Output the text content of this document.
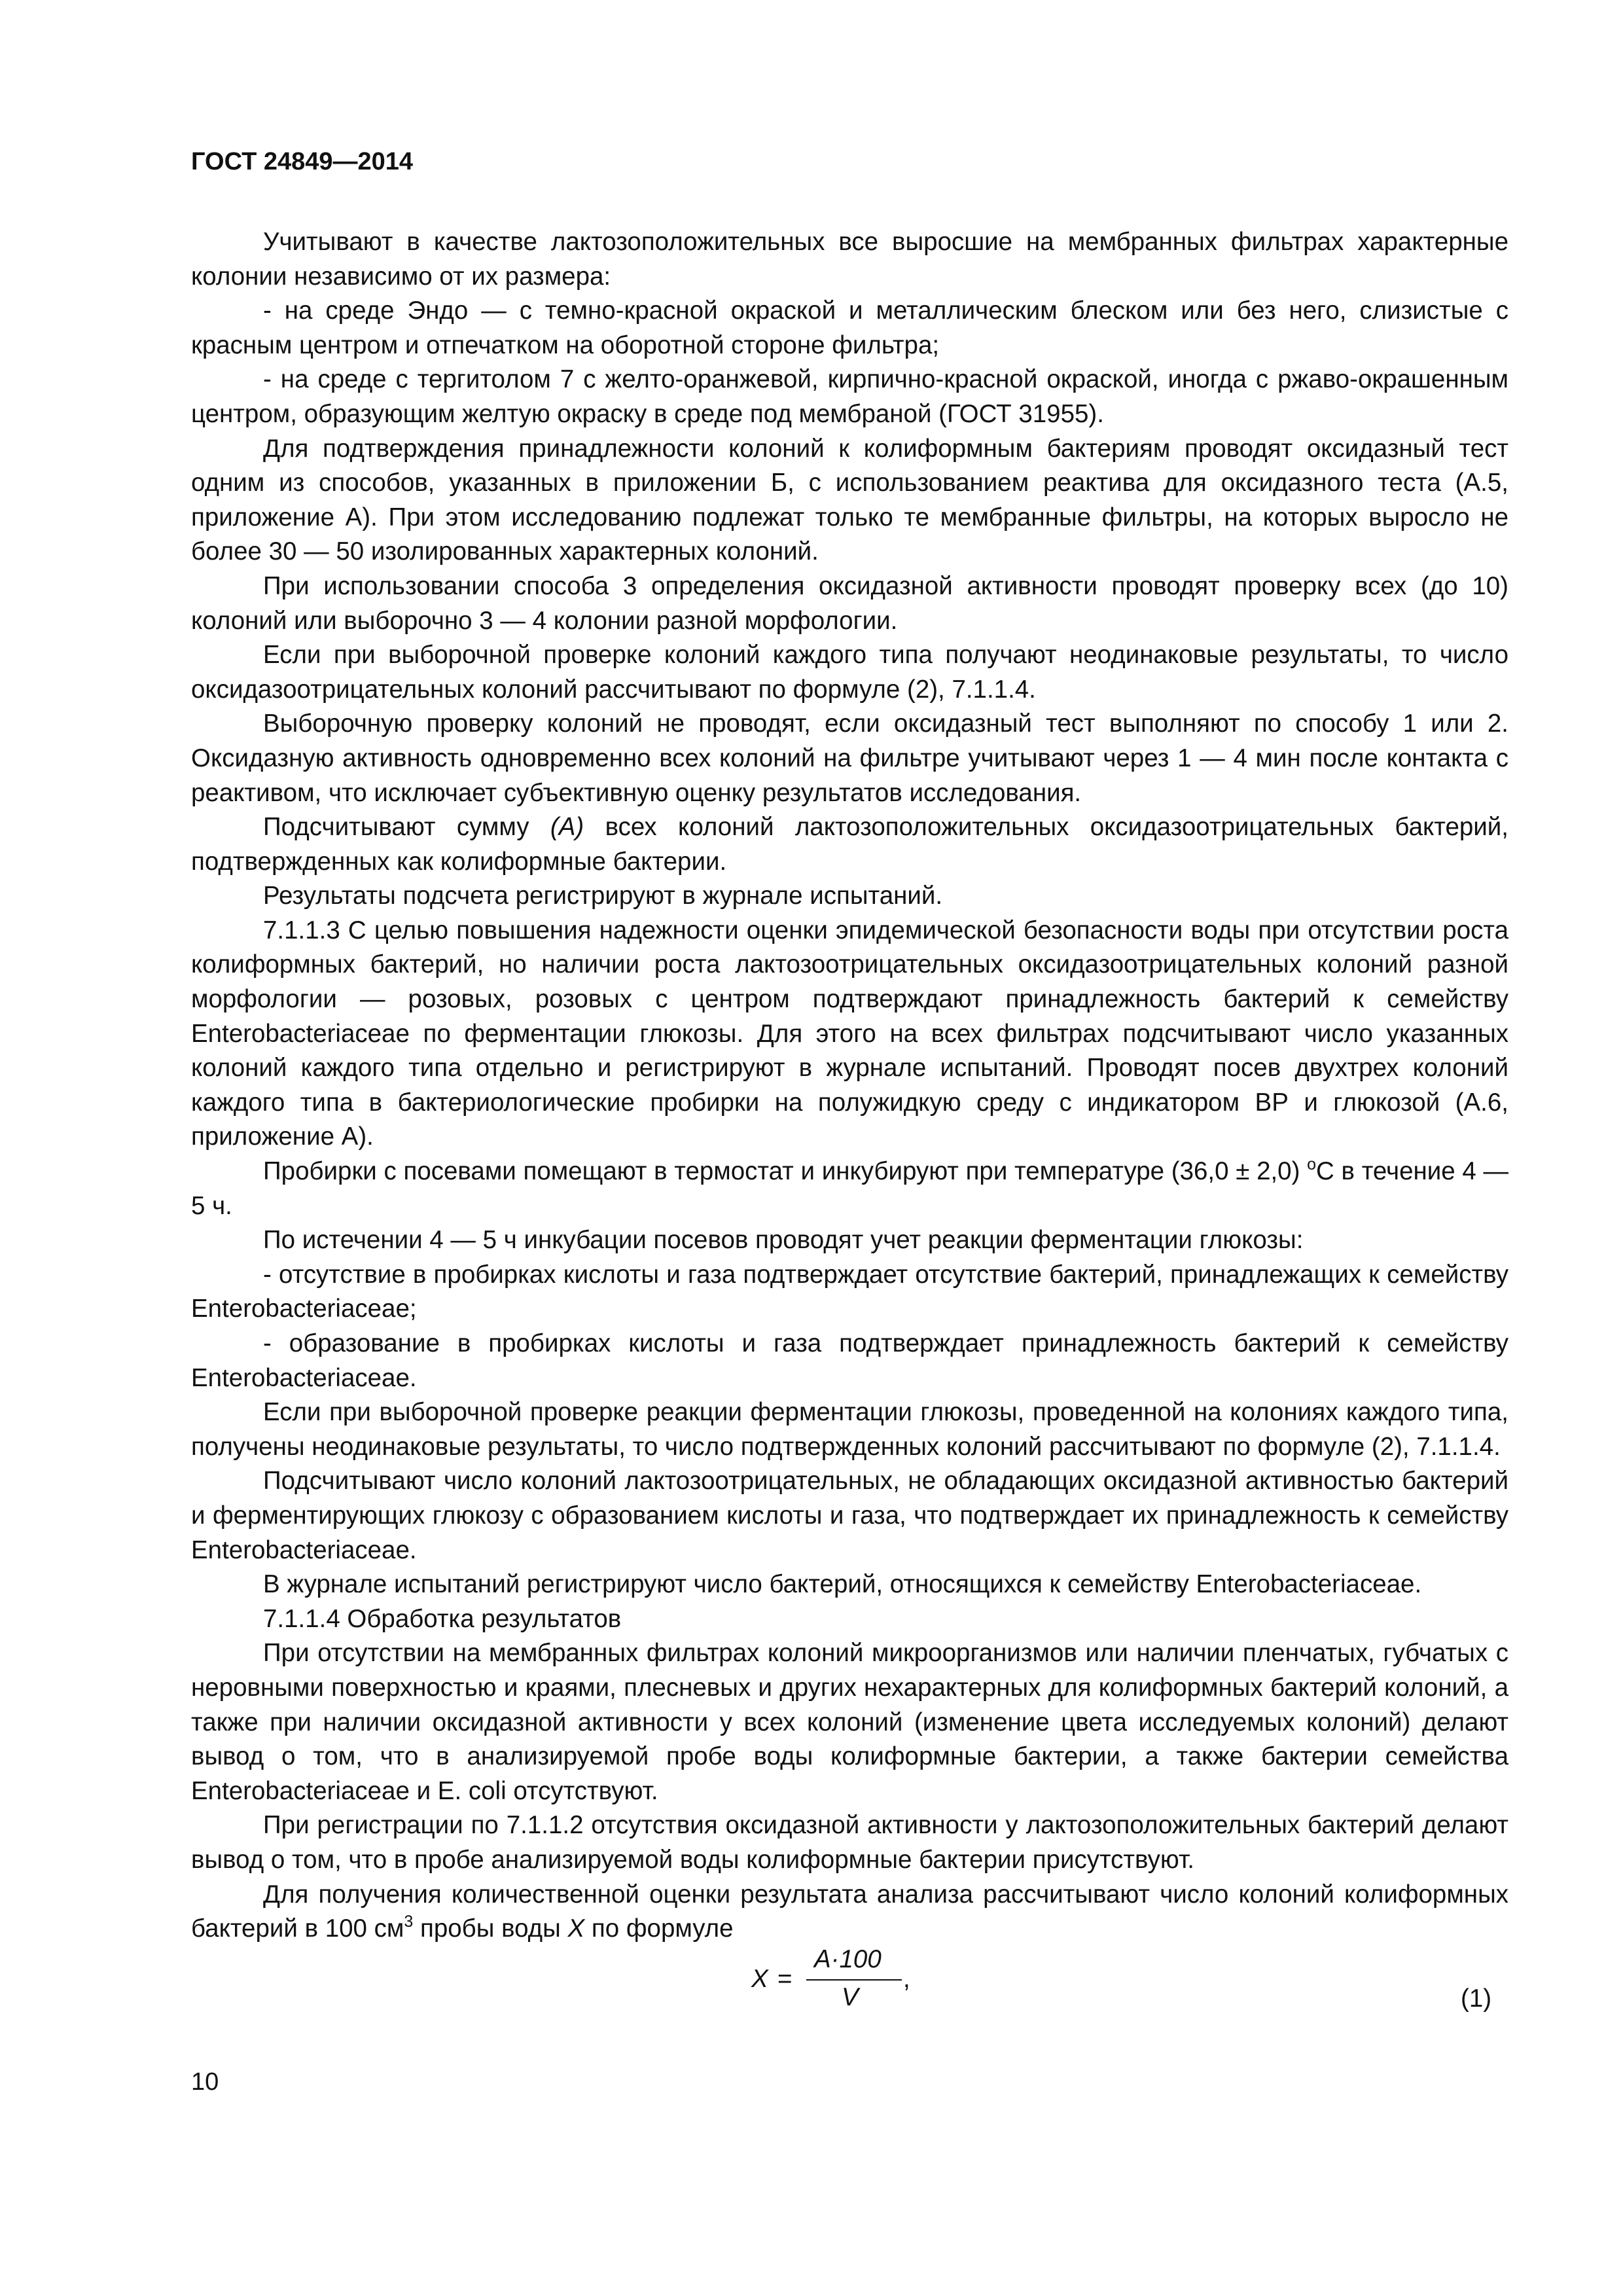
ГОСТ 24849—2014

Учитывают в качестве лактозоположительных все выросшие на мембранных фильтрах характерные колонии независимо от их размера:

- на среде Эндо — с темно-красной окраской и металлическим блеском или без него, слизистые с красным центром и отпечатком на оборотной стороне фильтра;

- на среде с тергитолом 7 с желто-оранжевой, кирпично-красной окраской, иногда с ржаво-окрашенным центром, образующим желтую окраску в среде под мембраной (ГОСТ 31955).

Для подтверждения принадлежности колоний к колиформным бактериям проводят оксидазный тест одним из способов, указанных в приложении Б, с использованием реактива для оксидазного теста (А.5, приложение А). При этом исследованию подлежат только те мембранные фильтры, на которых выросло не более 30 — 50 изолированных характерных колоний.

При использовании способа 3 определения оксидазной активности проводят проверку всех (до 10) колоний или выборочно 3 — 4 колонии разной морфологии.

Если при выборочной проверке колоний каждого типа получают неодинаковые результаты, то число оксидазоотрицательных колоний рассчитывают по формуле (2), 7.1.1.4.

Выборочную проверку колоний не проводят, если оксидазный тест выполняют по способу 1 или 2. Оксидазную активность одновременно всех колоний на фильтре учитывают через 1 — 4 мин после контакта с реактивом, что исключает субъективную оценку результатов исследования.

Подсчитывают сумму (А) всех колоний лактозоположительных оксидазоотрицательных бактерий, подтвержденных как колиформные бактерии.

Результаты подсчета регистрируют в журнале испытаний.

7.1.1.3 С целью повышения надежности оценки эпидемической безопасности воды при отсутствии роста колиформных бактерий, но наличии роста лактозоотрицательных оксидазоотрицательных колоний разной морфологии — розовых, розовых с центром подтверждают принадлежность бактерий к семейству Enterobacteriaceae по ферментации глюкозы. Для этого на всех фильтрах подсчитывают число указанных колоний каждого типа отдельно и регистрируют в журнале испытаний. Проводят посев двухтрех колоний каждого типа в бактериологические пробирки на полужидкую среду с индикатором ВР и глюкозой (А.6, приложение А).

Пробирки с посевами помещают в термостат и инкубируют при температуре (36,0 ± 2,0) $^о$С в течение 4 — 5 ч.

По истечении 4 — 5 ч инкубации посевов проводят учет реакции ферментации глюкозы:

- отсутствие в пробирках кислоты и газа подтверждает отсутствие бактерий, принадлежащих к семейству Enterobacteriaceae;

- образование в пробирках кислоты и газа подтверждает принадлежность бактерий к семейству Enterobacteriaceae.

Если при выборочной проверке реакции ферментации глюкозы, проведенной на колониях каждого типа, получены неодинаковые результаты, то число подтвержденных колоний рассчитывают по формуле (2), 7.1.1.4.

Подсчитывают число колоний лактозоотрицательных, не обладающих оксидазной активностью бактерий и ферментирующих глюкозу с образованием кислоты и газа, что подтверждает их принадлежность к семейству Enterobacteriaceae.

В журнале испытаний регистрируют число бактерий, относящихся к семейству Enterobacteriaceae.

7.1.1.4 Обработка результатов

При отсутствии на мембранных фильтрах колоний микроорганизмов или наличии пленчатых, губчатых с неровными поверхностью и краями, плесневых и других нехарактерных для колиформных бактерий колоний, а также при наличии оксидазной активности у всех колоний (изменение цвета исследуемых колоний) делают вывод о том, что в анализируемой пробе воды колиформные бактерии, а также бактерии семейства Enterobacteriaceae и E. coli отсутствуют.

При регистрации по 7.1.1.2 отсутствия оксидазной активности у лактозоположительных бактерий делают вывод о том, что в пробе анализируемой воды колиформные бактерии присутствуют.

Для получения количественной оценки результата анализа рассчитывают число колоний колиформных бактерий в 100 $см^3$ пробы воды X по формуле

X =
A·100
V
,
(1)
10
